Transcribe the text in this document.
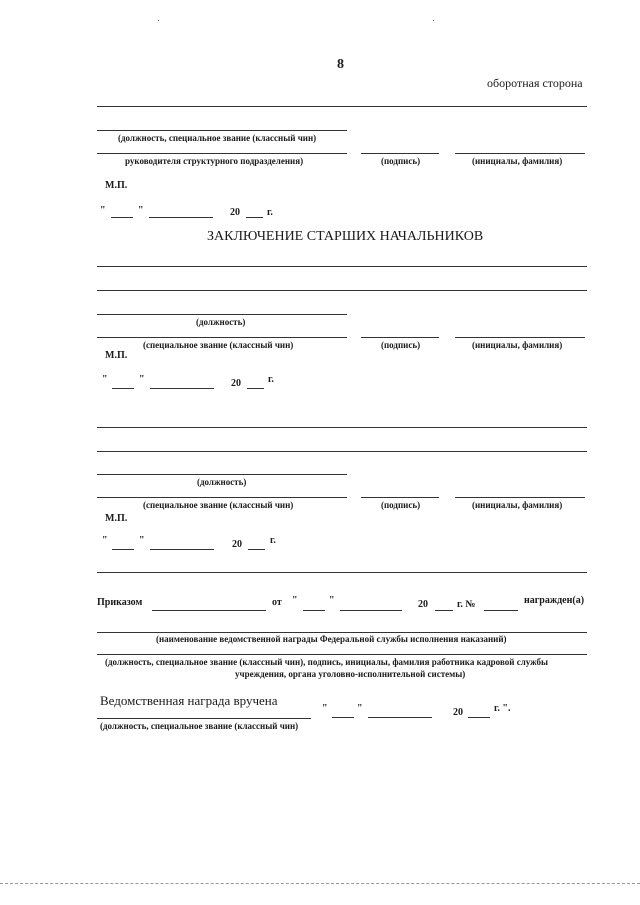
8
оборотная сторона
(должность, специальное звание (классный чин)
руководителя структурного подразделения)	(подпись)	(инициалы, фамилия)
М.П.
"	"	20	г.
ЗАКЛЮЧЕНИЕ СТАРШИХ НАЧАЛЬНИКОВ
(должность)
(специальное звание (классный чин)	(подпись)	(инициалы, фамилия)
М.П.
"	"	20	г.
(должность)
(специальное звание (классный чин)	(подпись)	(инициалы, фамилия)
М.П.
"	"	20	г.
Приказом	от "	"	20	г. №	награжден(а)
(наименование ведомственной награды Федеральной службы исполнения наказаний)
(должность, специальное звание (классный чин), подпись, инициалы, фамилия работника кадровой службы
учреждения, органа уголовно-исполнительной системы)
Ведомственная награда вручена
"	"	20	г. ".
(должность, специальное звание (классный чин)
